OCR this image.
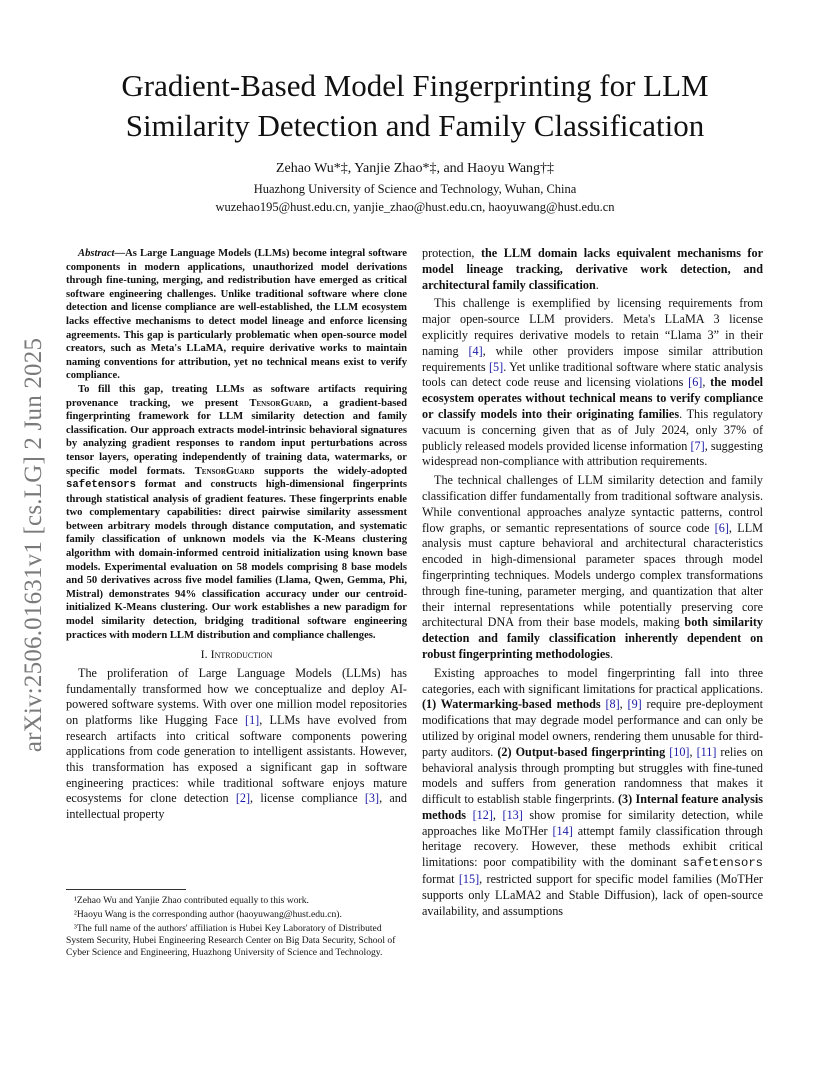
arXiv:2506.01631v1 [cs.LG] 2 Jun 2025
Gradient-Based Model Fingerprinting for LLM Similarity Detection and Family Classification
Zehao Wu*‡, Yanjie Zhao*‡, and Haoyu Wang†‡
Huazhong University of Science and Technology, Wuhan, China
wuzehao195@hust.edu.cn, yanjie_zhao@hust.edu.cn, haoyuwang@hust.edu.cn

Abstract—As Large Language Models (LLMs) become integral software components in modern applications, unauthorized model derivations through fine-tuning, merging, and redistribution have emerged as critical software engineering challenges. Unlike traditional software where clone detection and license compliance are well-established, the LLM ecosystem lacks effective mechanisms to detect model lineage and enforce licensing agreements. This gap is particularly problematic when open-source model creators, such as Meta's LLaMA, require derivative works to maintain naming conventions for attribution, yet no technical means exist to verify compliance.

To fill this gap, treating LLMs as software artifacts requiring provenance tracking, we present TensorGuard, a gradient-based fingerprinting framework for LLM similarity detection and family classification. Our approach extracts model-intrinsic behavioral signatures by analyzing gradient responses to random input perturbations across tensor layers, operating independently of training data, watermarks, or specific model formats. TensorGuard supports the widely-adopted safetensors format and constructs high-dimensional fingerprints through statistical analysis of gradient features. These fingerprints enable two complementary capabilities: direct pairwise similarity assessment between arbitrary models through distance computation, and systematic family classification of unknown models via the K-Means clustering algorithm with domain-informed centroid initialization using known base models. Experimental evaluation on 58 models comprising 8 base models and 50 derivatives across five model families (Llama, Qwen, Gemma, Phi, Mistral) demonstrates 94% classification accuracy under our centroid-initialized K-Means clustering. Our work establishes a new paradigm for model similarity detection, bridging traditional software engineering practices with modern LLM distribution and compliance challenges.

I. Introduction

The proliferation of Large Language Models (LLMs) has fundamentally transformed how we conceptualize and deploy AI-powered software systems. With over one million model repositories on platforms like Hugging Face [1], LLMs have evolved from research artifacts into critical software components powering applications from code generation to intelligent assistants. However, this transformation has exposed a significant gap in software engineering practices: while traditional software enjoys mature ecosystems for clone detection [2], license compliance [3], and intellectual property

¹Zehao Wu and Yanjie Zhao contributed equally to this work.

²Haoyu Wang is the corresponding author (haoyuwang@hust.edu.cn).

³The full name of the authors' affiliation is Hubei Key Laboratory of Distributed System Security, Hubei Engineering Research Center on Big Data Security, School of Cyber Science and Engineering, Huazhong University of Science and Technology.

protection, the LLM domain lacks equivalent mechanisms for model lineage tracking, derivative work detection, and architectural family classification.

This challenge is exemplified by licensing requirements from major open-source LLM providers. Meta's LLaMA 3 license explicitly requires derivative models to retain “Llama 3” in their naming [4], while other providers impose similar attribution requirements [5]. Yet unlike traditional software where static analysis tools can detect code reuse and licensing violations [6], the model ecosystem operates without technical means to verify compliance or classify models into their originating families. This regulatory vacuum is concerning given that as of July 2024, only 37% of publicly released models provided license information [7], suggesting widespread non-compliance with attribution requirements.

The technical challenges of LLM similarity detection and family classification differ fundamentally from traditional software analysis. While conventional approaches analyze syntactic patterns, control flow graphs, or semantic representations of source code [6], LLM analysis must capture behavioral and architectural characteristics encoded in high-dimensional parameter spaces through model fingerprinting techniques. Models undergo complex transformations through fine-tuning, parameter merging, and quantization that alter their internal representations while potentially preserving core architectural DNA from their base models, making both similarity detection and family classification inherently dependent on robust fingerprinting methodologies.

Existing approaches to model fingerprinting fall into three categories, each with significant limitations for practical applications. (1) Watermarking-based methods [8], [9] require pre-deployment modifications that may degrade model performance and can only be utilized by original model owners, rendering them unusable for third-party auditors. (2) Output-based fingerprinting [10], [11] relies on behavioral analysis through prompting but struggles with fine-tuned models and suffers from generation randomness that makes it difficult to establish stable fingerprints. (3) Internal feature analysis methods [12], [13] show promise for similarity detection, while approaches like MoTHer [14] attempt family classification through heritage recovery. However, these methods exhibit critical limitations: poor compatibility with the dominant safetensors format [15], restricted support for specific model families (MoTHer supports only LLaMA2 and Stable Diffusion), lack of open-source availability, and assumptions
